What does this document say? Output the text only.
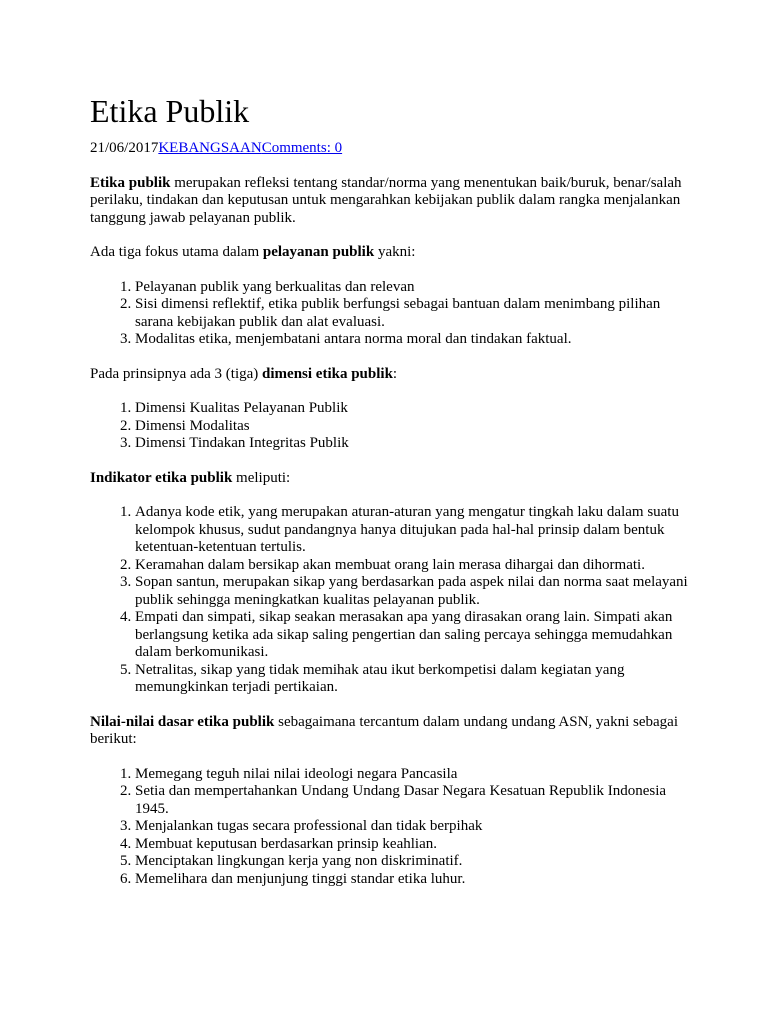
Etika Publik
21/06/2017KEBANGSAANComments: 0

Etika publik merupakan refleksi tentang standar/norma yang menentukan baik/buruk, benar/salah perilaku, tindakan dan keputusan untuk mengarahkan kebijakan publik dalam rangka menjalankan tanggung jawab pelayanan publik.

Ada tiga fokus utama dalam pelayanan publik yakni:

1. Pelayanan publik yang berkualitas dan relevan
2. Sisi dimensi reflektif, etika publik berfungsi sebagai bantuan dalam menimbang pilihan sarana kebijakan publik dan alat evaluasi.
3. Modalitas etika, menjembatani antara norma moral dan tindakan faktual.

Pada prinsipnya ada 3 (tiga) dimensi etika publik:

1. Dimensi Kualitas Pelayanan Publik
2. Dimensi Modalitas
3. Dimensi Tindakan Integritas Publik

Indikator etika publik meliputi:

1. Adanya kode etik, yang merupakan aturan-aturan yang mengatur tingkah laku dalam suatu kelompok khusus, sudut pandangnya hanya ditujukan pada hal-hal prinsip dalam bentuk ketentuan-ketentuan tertulis.
2. Keramahan dalam bersikap akan membuat orang lain merasa dihargai dan dihormati.
3. Sopan santun, merupakan sikap yang berdasarkan pada aspek nilai dan norma saat melayani publik sehingga meningkatkan kualitas pelayanan publik.
4. Empati dan simpati, sikap seakan merasakan apa yang dirasakan orang lain. Simpati akan berlangsung ketika ada sikap saling pengertian dan saling percaya sehingga memudahkan dalam berkomunikasi.
5. Netralitas, sikap yang tidak memihak atau ikut berkompetisi dalam kegiatan yang memungkinkan terjadi pertikaian.

Nilai-nilai dasar etika publik sebagaimana tercantum dalam undang undang ASN, yakni sebagai berikut:

1. Memegang teguh nilai nilai ideologi negara Pancasila
2. Setia dan mempertahankan Undang Undang Dasar Negara Kesatuan Republik Indonesia 1945.
3. Menjalankan tugas secara professional dan tidak berpihak
4. Membuat keputusan berdasarkan prinsip keahlian.
5. Menciptakan lingkungan kerja yang non diskriminatif.
6. Memelihara dan menjunjung tinggi standar etika luhur.
